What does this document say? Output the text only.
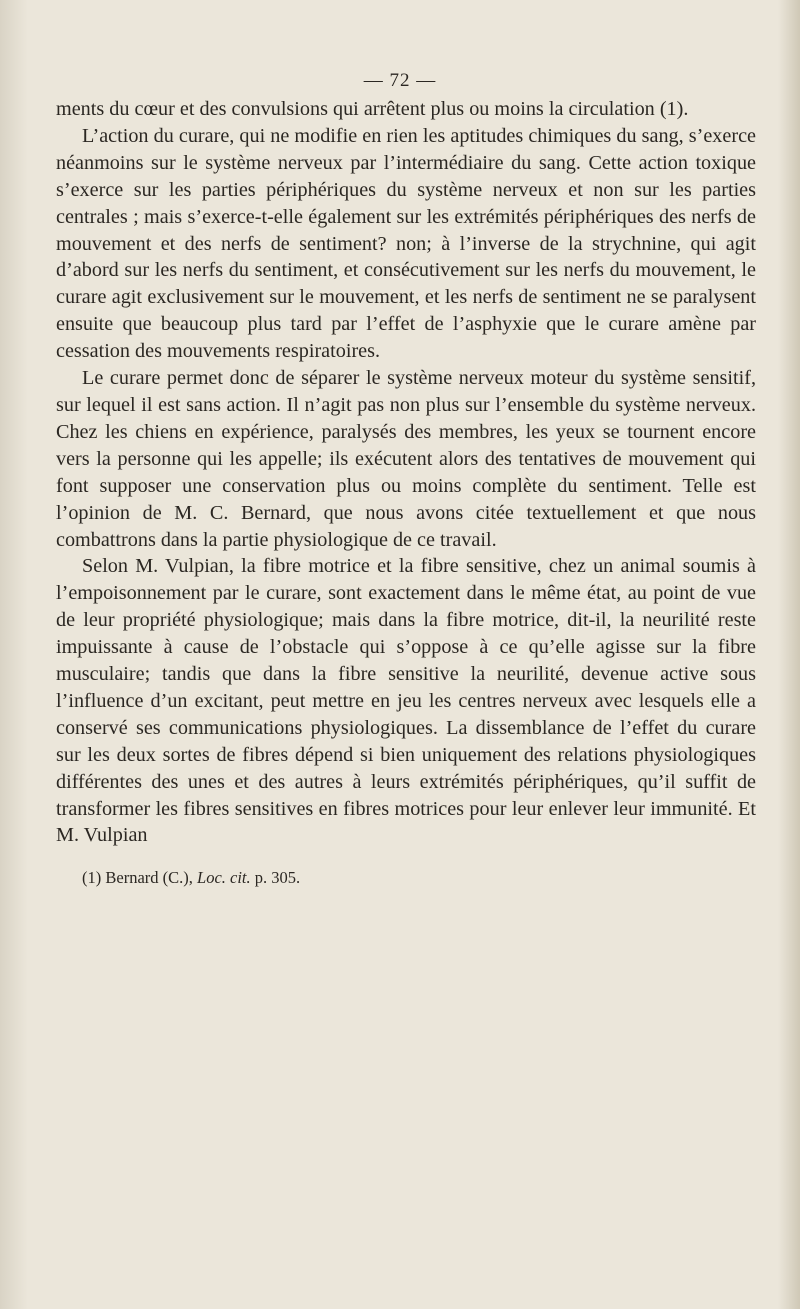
— 72 —

ments du cœur et des convulsions qui arrêtent plus ou moins la circulation (1).

L’action du curare, qui ne modifie en rien les aptitudes chimiques du sang, s’exerce néanmoins sur le système nerveux par l’intermédiaire du sang. Cette action toxique s’exerce sur les parties périphériques du système nerveux et non sur les parties centrales ; mais s’exerce-t-elle également sur les extrémités périphériques des nerfs de mouvement et des nerfs de sentiment? non; à l’inverse de la strychnine, qui agit d’abord sur les nerfs du sentiment, et consécutivement sur les nerfs du mouvement, le curare agit exclusivement sur le mouvement, et les nerfs de sentiment ne se paralysent ensuite que beaucoup plus tard par l’effet de l’asphyxie que le curare amène par cessation des mouvements respiratoires.

Le curare permet donc de séparer le système nerveux moteur du système sensitif, sur lequel il est sans action. Il n’agit pas non plus sur l’ensemble du système nerveux. Chez les chiens en expérience, paralysés des membres, les yeux se tournent encore vers la personne qui les appelle; ils exécutent alors des tentatives de mouvement qui font supposer une conservation plus ou moins complète du sentiment. Telle est l’opinion de M. C. Bernard, que nous avons citée textuellement et que nous combattrons dans la partie physiologique de ce travail.

Selon M. Vulpian, la fibre motrice et la fibre sensitive, chez un animal soumis à l’empoisonnement par le curare, sont exactement dans le même état, au point de vue de leur propriété physiologique; mais dans la fibre motrice, dit-il, la neurilité reste impuissante à cause de l’obstacle qui s’oppose à ce qu’elle agisse sur la fibre musculaire; tandis que dans la fibre sensitive la neurilité, devenue active sous l’influence d’un excitant, peut mettre en jeu les centres nerveux avec lesquels elle a conservé ses communications physiologiques. La dissemblance de l’effet du curare sur les deux sortes de fibres dépend si bien uniquement des relations physiologiques différentes des unes et des autres à leurs extrémités périphériques, qu’il suffit de transformer les fibres sensitives en fibres motrices pour leur enlever leur immunité. Et M. Vulpian

(1) Bernard (C.), Loc. cit. p. 305.
